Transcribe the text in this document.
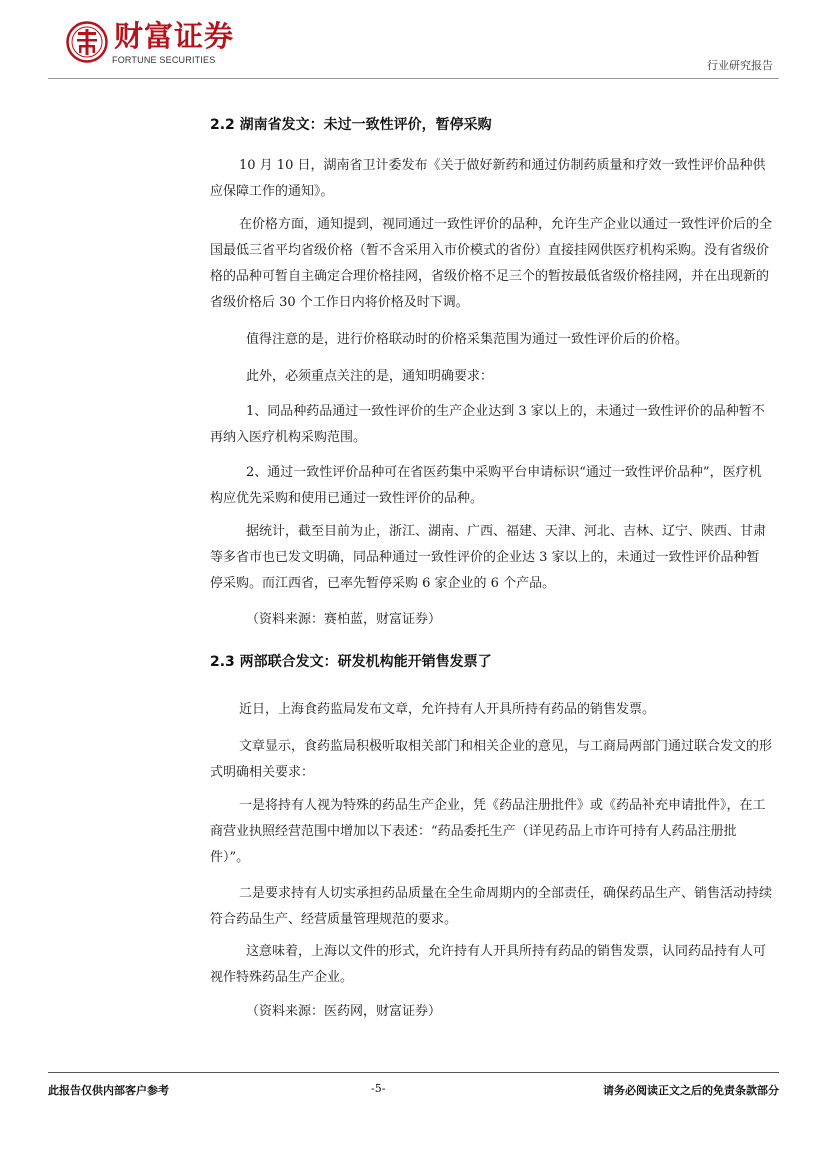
财富证券
FORTUNE SECURITIES	行业研究报告
2.2 湖南省发文：未过一致性评价，暂停采购

10 月 10 日，湖南省卫计委发布《关于做好新药和通过仿制药质量和疗效一致性评价品种供应保障工作的通知》。

在价格方面，通知提到，视同通过一致性评价的品种，允许生产企业以通过一致性评价后的全国最低三省平均省级价格（暂不含采用入市价模式的省份）直接挂网供医疗机构采购。没有省级价格的品种可暂自主确定合理价格挂网，省级价格不足三个的暂按最低省级价格挂网，并在出现新的省级价格后 30 个工作日内将价格及时下调。

值得注意的是，进行价格联动时的价格采集范围为通过一致性评价后的价格。

此外，必须重点关注的是，通知明确要求：

1、同品种药品通过一致性评价的生产企业达到 3 家以上的，未通过一致性评价的品种暂不再纳入医疗机构采购范围。

2、通过一致性评价品种可在省医药集中采购平台申请标识“通过一致性评价品种”，医疗机构应优先采购和使用已通过一致性评价的品种。

据统计，截至目前为止，浙江、湖南、广西、福建、天津、河北、吉林、辽宁、陕西、甘肃等多省市也已发文明确，同品种通过一致性评价的企业达 3 家以上的，未通过一致性评价品种暂停采购。而江西省，已率先暂停采购 6 家企业的 6 个产品。

（资料来源：赛柏蓝，财富证券）

2.3 两部联合发文：研发机构能开销售发票了

近日，上海食药监局发布文章，允许持有人开具所持有药品的销售发票。

文章显示，食药监局积极听取相关部门和相关企业的意见，与工商局两部门通过联合发文的形式明确相关要求：

一是将持有人视为特殊的药品生产企业，凭《药品注册批件》或《药品补充申请批件》，在工商营业执照经营范围中增加以下表述：“药品委托生产（详见药品上市许可持有人药品注册批件）”。

二是要求持有人切实承担药品质量在全生命周期内的全部责任，确保药品生产、销售活动持续符合药品生产、经营质量管理规范的要求。

这意味着，上海以文件的形式，允许持有人开具所持有药品的销售发票，认同药品持有人可视作特殊药品生产企业。

（资料来源：医药网，财富证券）

此报告仅供内部客户参考	-5-	请务必阅读正文之后的免责条款部分
